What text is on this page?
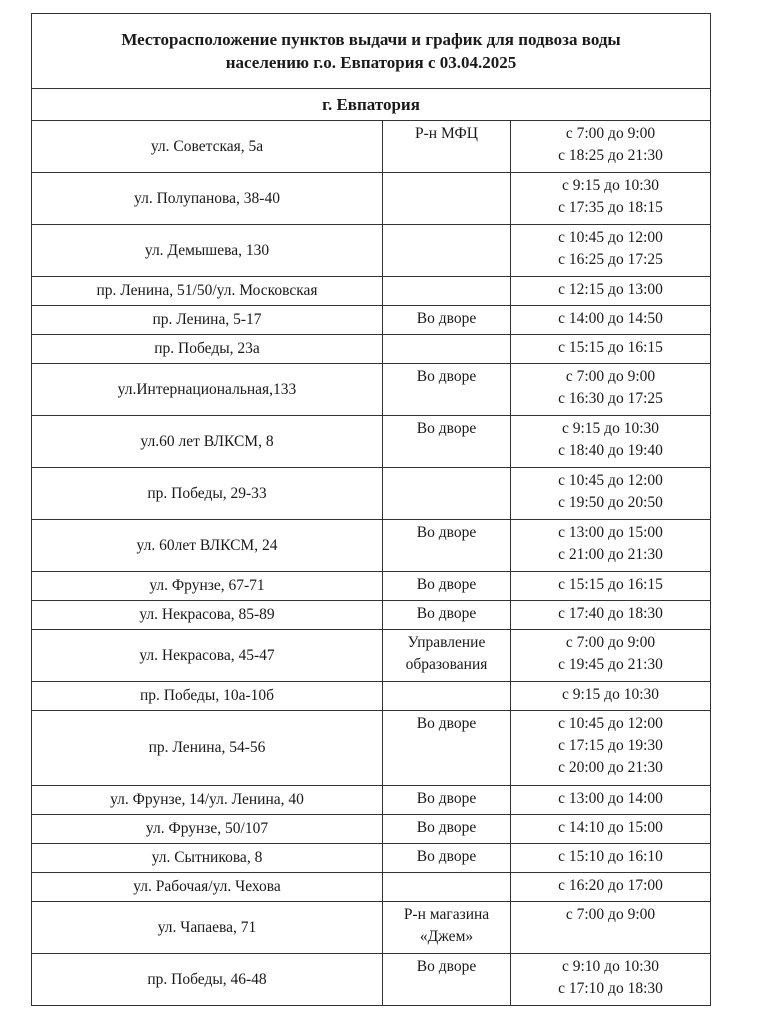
Месторасположение пунктов выдачи и график для подвоза воды
населению г.о. Евпатория с 03.04.2025		

г. Евпатория		
ул. Советская, 5а	Р-н МФЦ	с 7:00 до 9:00
с 18:25 до 21:30

ул. Полупанова, 38-40		с 9:15 до 10:30
с 17:35 до 18:15

ул. Демышева, 130		с 10:45 до 12:00
с 16:25 до 17:25

пр. Ленина, 51/50/ул. Московская		с 12:15 до 13:00

пр. Ленина, 5-17	Во дворе	с 14:00 до 14:50

пр. Победы, 23а		с 15:15 до 16:15

ул.Интернациональная,133	Во дворе	с 7:00 до 9:00
с 16:30 до 17:25

ул.60 лет ВЛКСМ, 8	Во дворе	с 9:15 до 10:30
с 18:40 до 19:40

пр. Победы, 29-33		с 10:45 до 12:00
с 19:50 до 20:50

ул. 60лет ВЛКСМ, 24	Во дворе	с 13:00 до 15:00
с 21:00 до 21:30

ул. Фрунзе, 67-71	Во дворе	с 15:15 до 16:15

ул. Некрасова, 85-89	Во дворе	с 17:40 до 18:30

ул. Некрасова, 45-47	Управление образования	с 7:00 до 9:00
с 19:45 до 21:30

пр. Победы, 10а-10б		с 9:15 до 10:30

пр. Ленина, 54-56	Во дворе	с 10:45 до 12:00
с 17:15 до 19:30
с 20:00 до 21:30

ул. Фрунзе, 14/ул. Ленина, 40	Во дворе	с 13:00 до 14:00

ул. Фрунзе, 50/107	Во дворе	с 14:10 до 15:00

ул. Сытникова, 8	Во дворе	с 15:10 до 16:10

ул. Рабочая/ул. Чехова		с 16:20 до 17:00

ул. Чапаева, 71	Р-н магазина «Джем»	с 7:00 до 9:00

пр. Победы, 46-48	Во дворе	с 9:10 до 10:30
с 17:10 до 18:30
